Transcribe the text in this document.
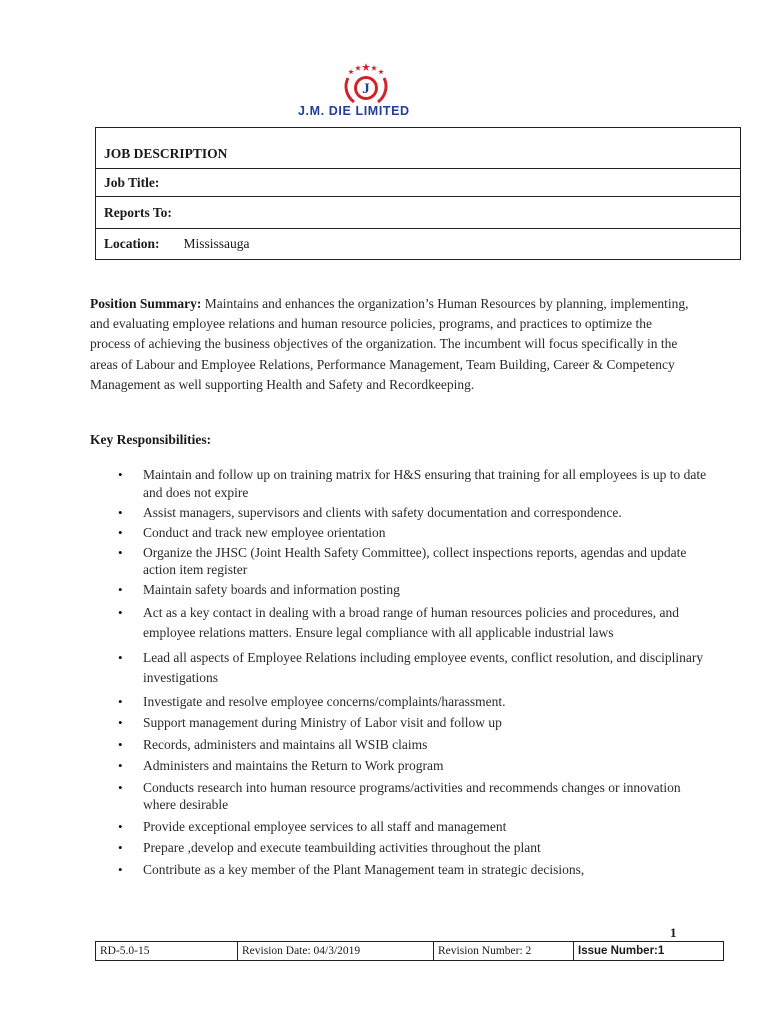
J
J.M. DIE LIMITED
JOB DESCRIPTION
Job Title:
Reports To:
Location: Mississauga
Position Summary: Maintains and enhances the organization’s Human Resources by planning, implementing, and evaluating employee relations and human resource policies, programs, and practices to optimize the process of achieving the business objectives of the organization. The incumbent will focus specifically in the areas of Labour and Employee Relations, Performance Management, Team Building, Career & Competency Management as well supporting Health and Safety and Recordkeeping.
Key Responsibilities:
• Maintain and follow up on training matrix for H&S ensuring that training for all employees is up to date and does not expire
• Assist managers, supervisors and clients with safety documentation and correspondence.
• Conduct and track new employee orientation
• Organize the JHSC (Joint Health Safety Committee), collect inspections reports, agendas and update action item register
• Maintain safety boards and information posting
• Act as a key contact in dealing with a broad range of human resources policies and procedures, and employee relations matters. Ensure legal compliance with all applicable industrial laws
• Lead all aspects of Employee Relations including employee events, conflict resolution, and disciplinary investigations
• Investigate and resolve employee concerns/complaints/harassment.
• Support management during Ministry of Labor visit and follow up
• Records, administers and maintains all WSIB claims
• Administers and maintains the Return to Work program
• Conducts research into human resource programs/activities and recommends changes or innovation where desirable
• Provide exceptional employee services to all staff and management
• Prepare ,develop and execute teambuilding activities throughout the plant
• Contribute as a key member of the Plant Management team in strategic decisions,
1
RD-5.0-15	Revision Date: 04/3/2019	Revision Number: 2	Issue Number:1
